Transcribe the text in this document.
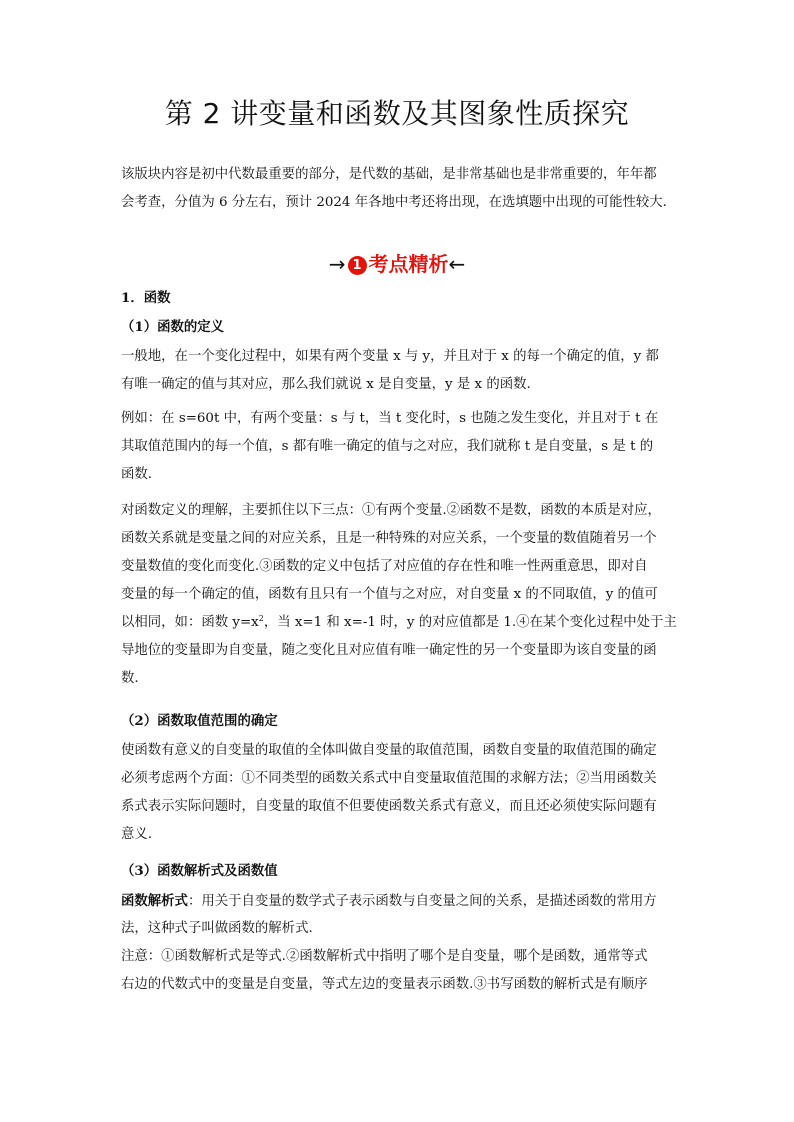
第 2 讲变量和函数及其图象性质探究
该版块内容是初中代数最重要的部分，是代数的基础，是非常基础也是非常重要的，年年都
会考查，分值为 6 分左右，预计 2024 年各地中考还将出现，在选填题中出现的可能性较大.
→ 1 考点精析←
1．函数
（1）函数的定义
一般地，在一个变化过程中，如果有两个变量 x 与 y，并且对于 x 的每一个确定的值，y 都
有唯一确定的值与其对应，那么我们就说 x 是自变量，y 是 x 的函数.
例如：在 s=60t 中，有两个变量：s 与 t，当 t 变化时，s 也随之发生变化，并且对于 t 在
其取值范围内的每一个值，s 都有唯一确定的值与之对应，我们就称 t 是自变量，s 是 t 的
函数.
对函数定义的理解，主要抓住以下三点：①有两个变量.②函数不是数，函数的本质是对应，
函数关系就是变量之间的对应关系，且是一种特殊的对应关系，一个变量的数值随着另一个
变量数值的变化而变化.③函数的定义中包括了对应值的存在性和唯一性两重意思，即对自
变量的每一个确定的值，函数有且只有一个值与之对应，对自变量 x 的不同取值，y 的值可
以相同，如：函数 $y=x^2$，当 x=1 和 x=-1 时，y 的对应值都是 1.④在某个变化过程中处于主
导地位的变量即为自变量，随之变化且对应值有唯一确定性的另一个变量即为该自变量的函
数.
（2）函数取值范围的确定
使函数有意义的自变量的取值的全体叫做自变量的取值范围，函数自变量的取值范围的确定
必须考虑两个方面：①不同类型的函数关系式中自变量取值范围的求解方法；②当用函数关
系式表示实际问题时，自变量的取值不但要使函数关系式有意义，而且还必须使实际问题有
意义.
（3）函数解析式及函数值
函数解析式：用关于自变量的数学式子表示函数与自变量之间的关系，是描述函数的常用方
法，这种式子叫做函数的解析式.
注意：①函数解析式是等式.②函数解析式中指明了哪个是自变量，哪个是函数，通常等式
右边的代数式中的变量是自变量，等式左边的变量表示函数.③书写函数的解析式是有顺序
